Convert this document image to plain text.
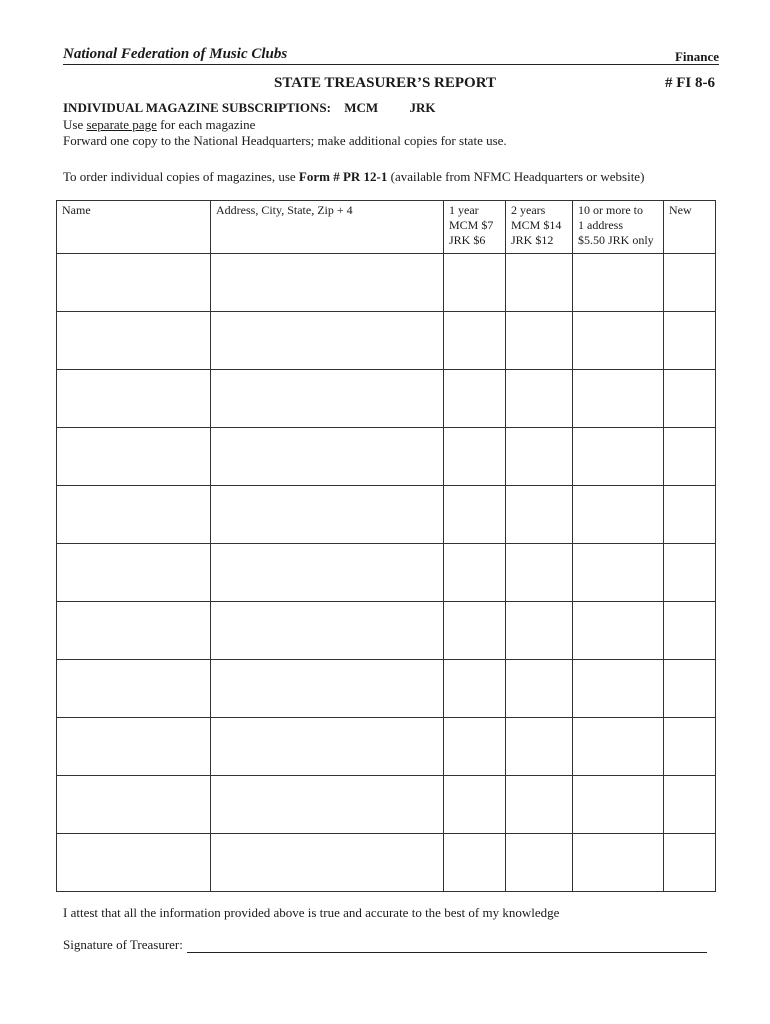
National Federation of Music Clubs	Finance
STATE TREASURER’S REPORT	# FI 8-6
INDIVIDUAL MAGAZINE SUBSCRIPTIONS: MCM JRK
Use separate page for each magazine
Forward one copy to the National Headquarters; make additional copies for state use.
To order individual copies of magazines, use Form # PR 12-1 (available from NFMC Headquarters or website)
Name	Address, City, State, Zip + 4	1 year
MCM $7
JRK $6	2 years
MCM $14
JRK $12	10 or more to
1 address
$5.50 JRK only	New

I attest that all the information provided above is true and accurate to the best of my knowledge
Signature of Treasurer:
